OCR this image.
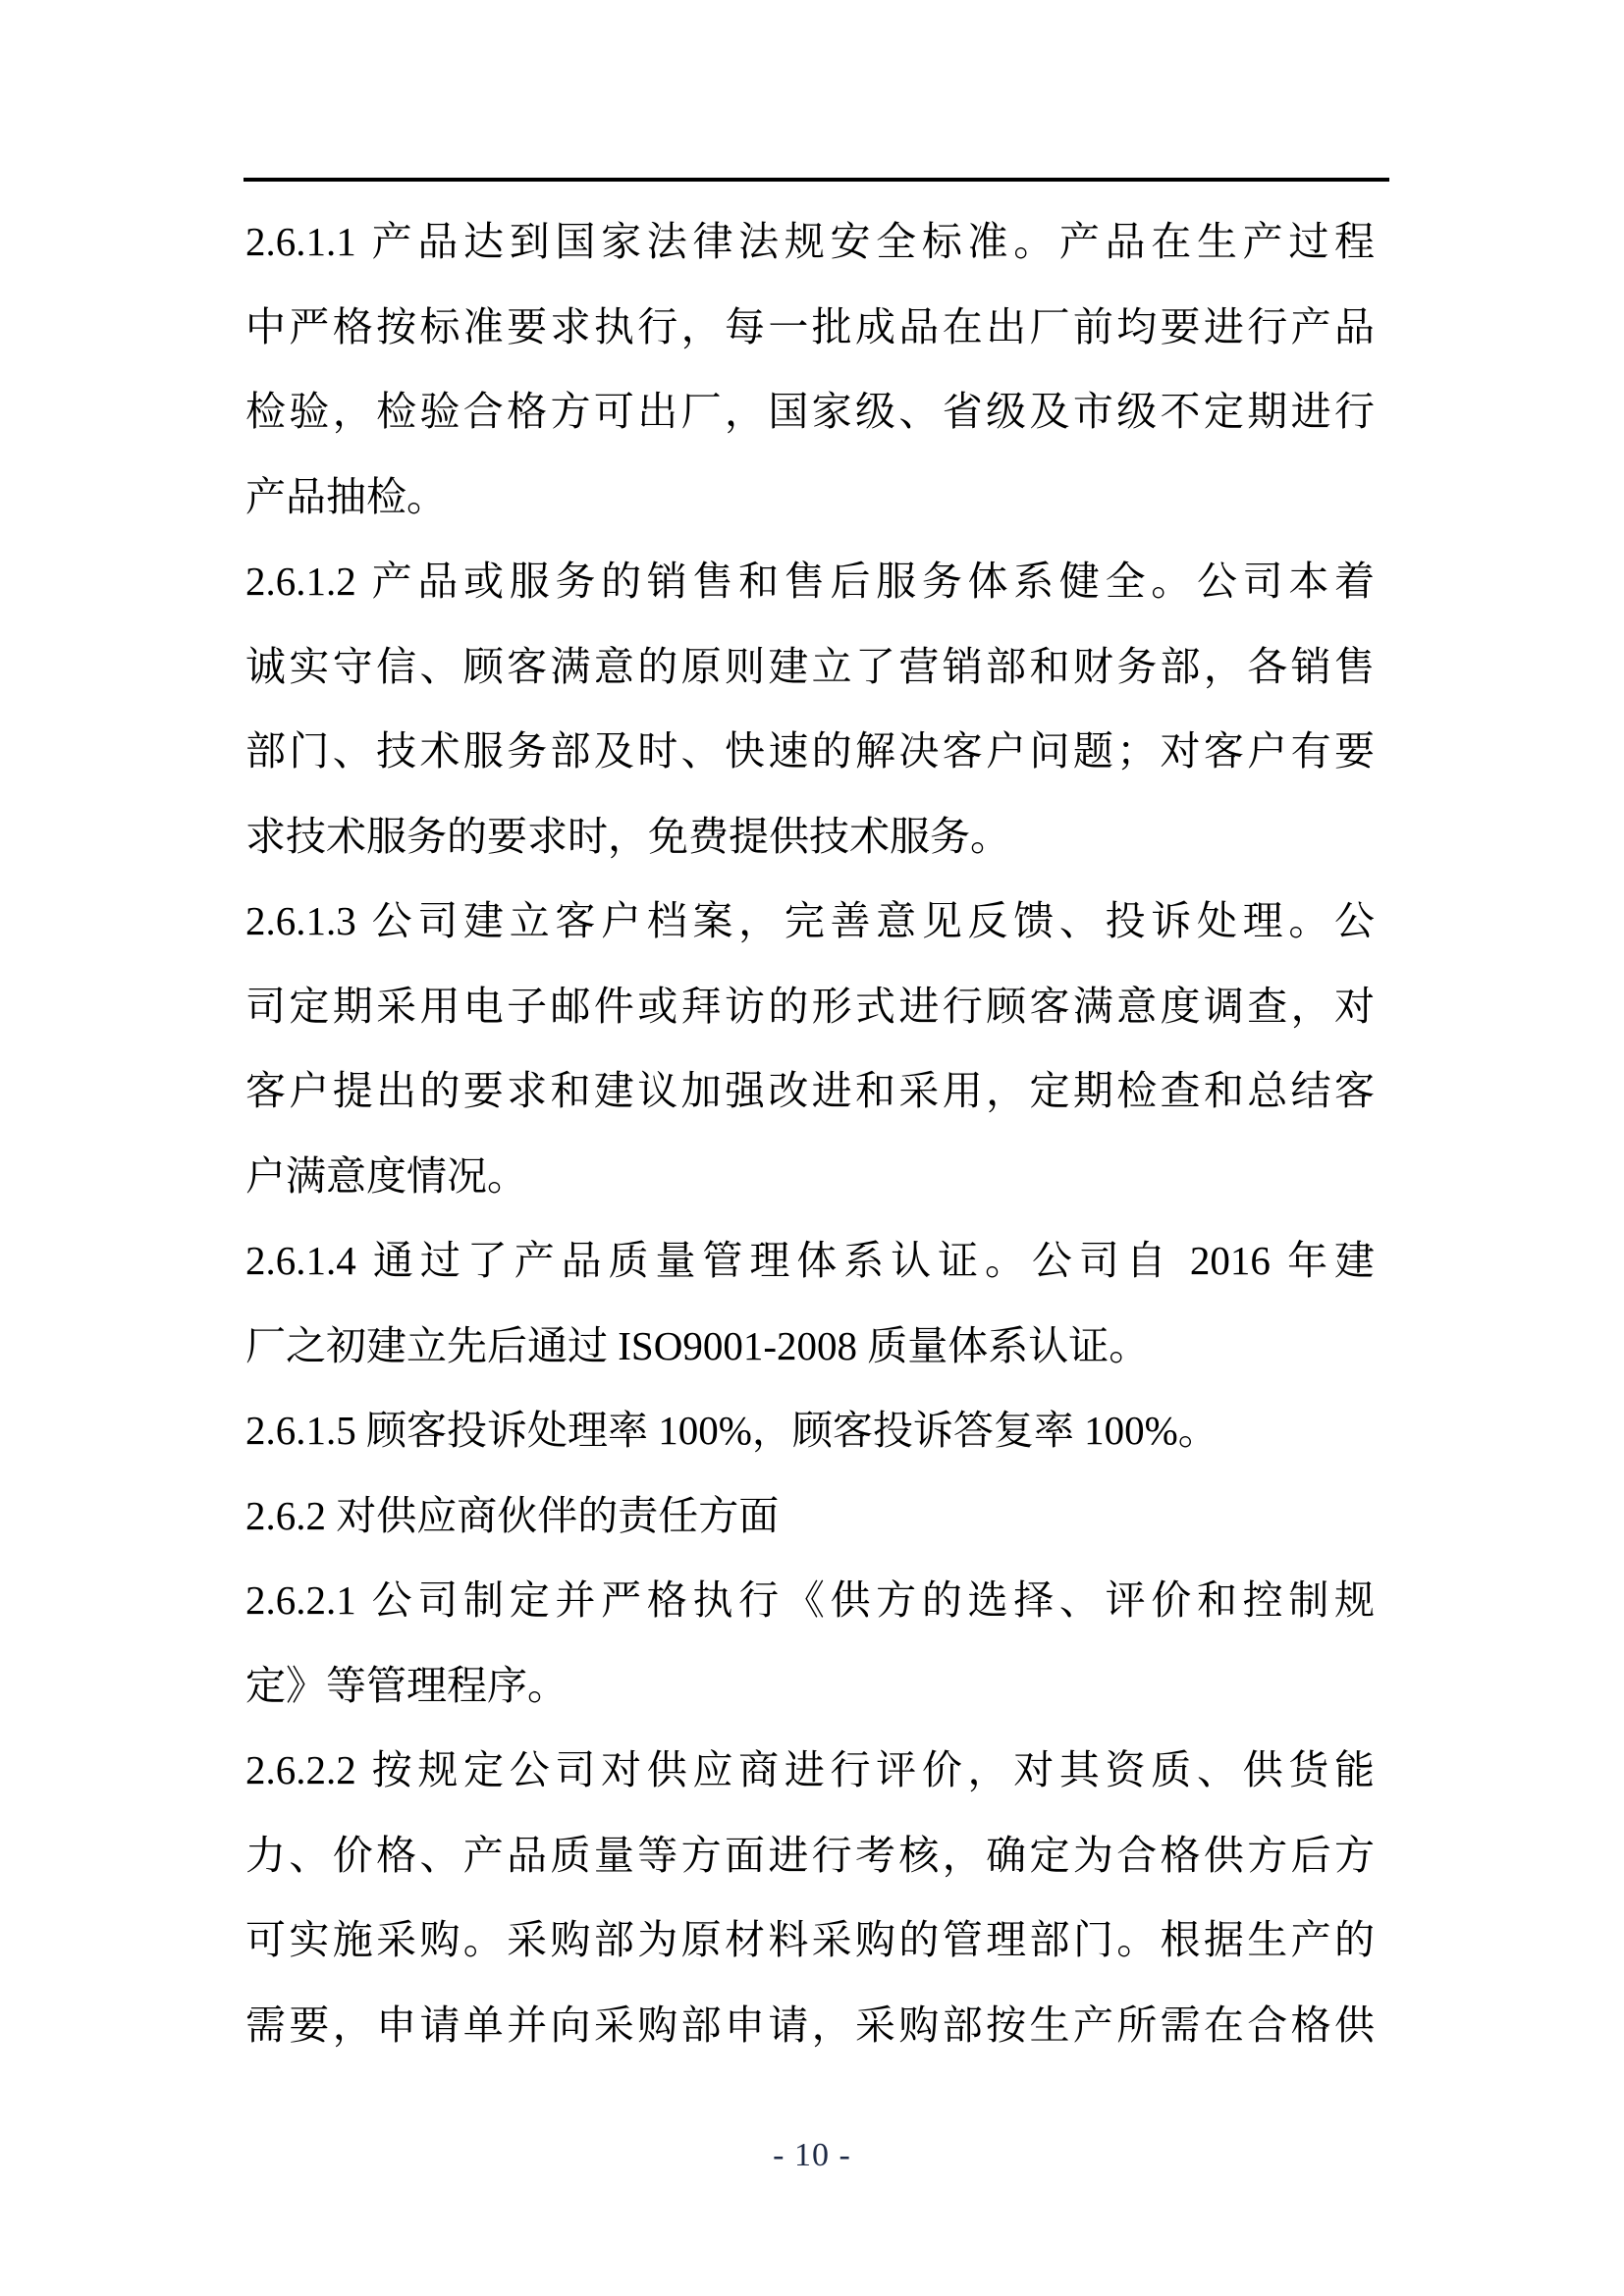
2.6.1.1 产品达到国家法律法规安全标准。产品在生产过程
中严格按标准要求执行，每一批成品在出厂前均要进行产品
检验，检验合格方可出厂，国家级、省级及市级不定期进行
产品抽检。
2.6.1.2 产品或服务的销售和售后服务体系健全。公司本着
诚实守信、顾客满意的原则建立了营销部和财务部，各销售
部门、技术服务部及时、快速的解决客户问题；对客户有要
求技术服务的要求时，免费提供技术服务。
2.6.1.3 公司建立客户档案，完善意见反馈、投诉处理。公
司定期采用电子邮件或拜访的形式进行顾客满意度调查，对
客户提出的要求和建议加强改进和采用，定期检查和总结客
户满意度情况。
2.6.1.4 通过了产品质量管理体系认证。公司自 2016 年建
厂之初建立先后通过 ISO9001-2008 质量体系认证。
2.6.1.5 顾客投诉处理率 100%，顾客投诉答复率 100%。
2.6.2 对供应商伙伴的责任方面
2.6.2.1 公司制定并严格执行《供方的选择、评价和控制规
定》等管理程序。
2.6.2.2 按规定公司对供应商进行评价，对其资质、供货能
力、价格、产品质量等方面进行考核，确定为合格供方后方
可实施采购。采购部为原材料采购的管理部门。根据生产的
需要，申请单并向采购部申请，采购部按生产所需在合格供
- 10 -
